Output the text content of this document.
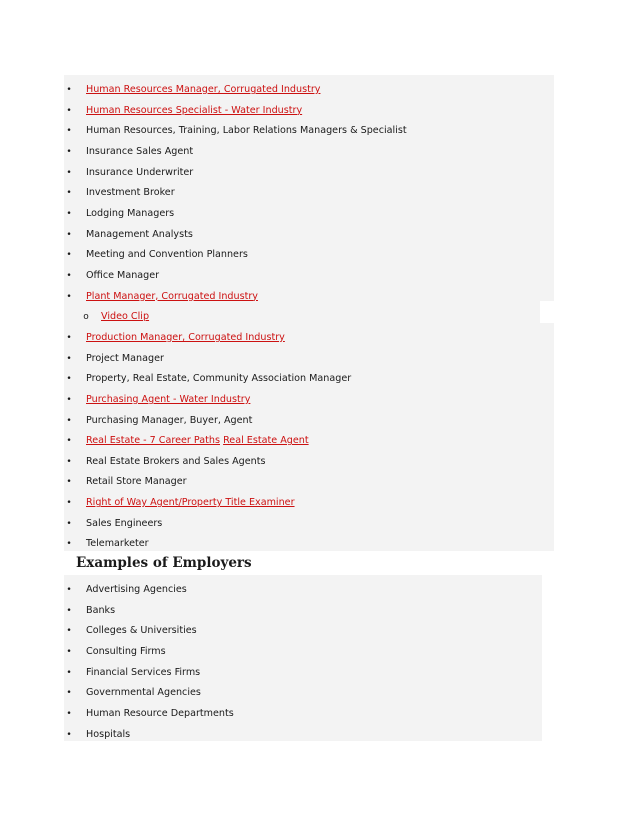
• Human Resources Manager, Corrugated Industry
• Human Resources Specialist - Water Industry
• Human Resources, Training, Labor Relations Managers & Specialist
• Insurance Sales Agent
• Insurance Underwriter
• Investment Broker
• Lodging Managers
• Management Analysts
• Meeting and Convention Planners
• Office Manager
• Plant Manager, Corrugated Industry
o Video Clip
• Production Manager, Corrugated Industry
• Project Manager
• Property, Real Estate, Community Association Manager
• Purchasing Agent - Water Industry
• Purchasing Manager, Buyer, Agent
• Real Estate - 7 Career Paths Real Estate Agent
• Real Estate Brokers and Sales Agents
• Retail Store Manager
• Right of Way Agent/Property Title Examiner
• Sales Engineers
• Telemarketer
Examples of Employers
• Advertising Agencies
• Banks
• Colleges & Universities
• Consulting Firms
• Financial Services Firms
• Governmental Agencies
• Human Resource Departments
• Hospitals
